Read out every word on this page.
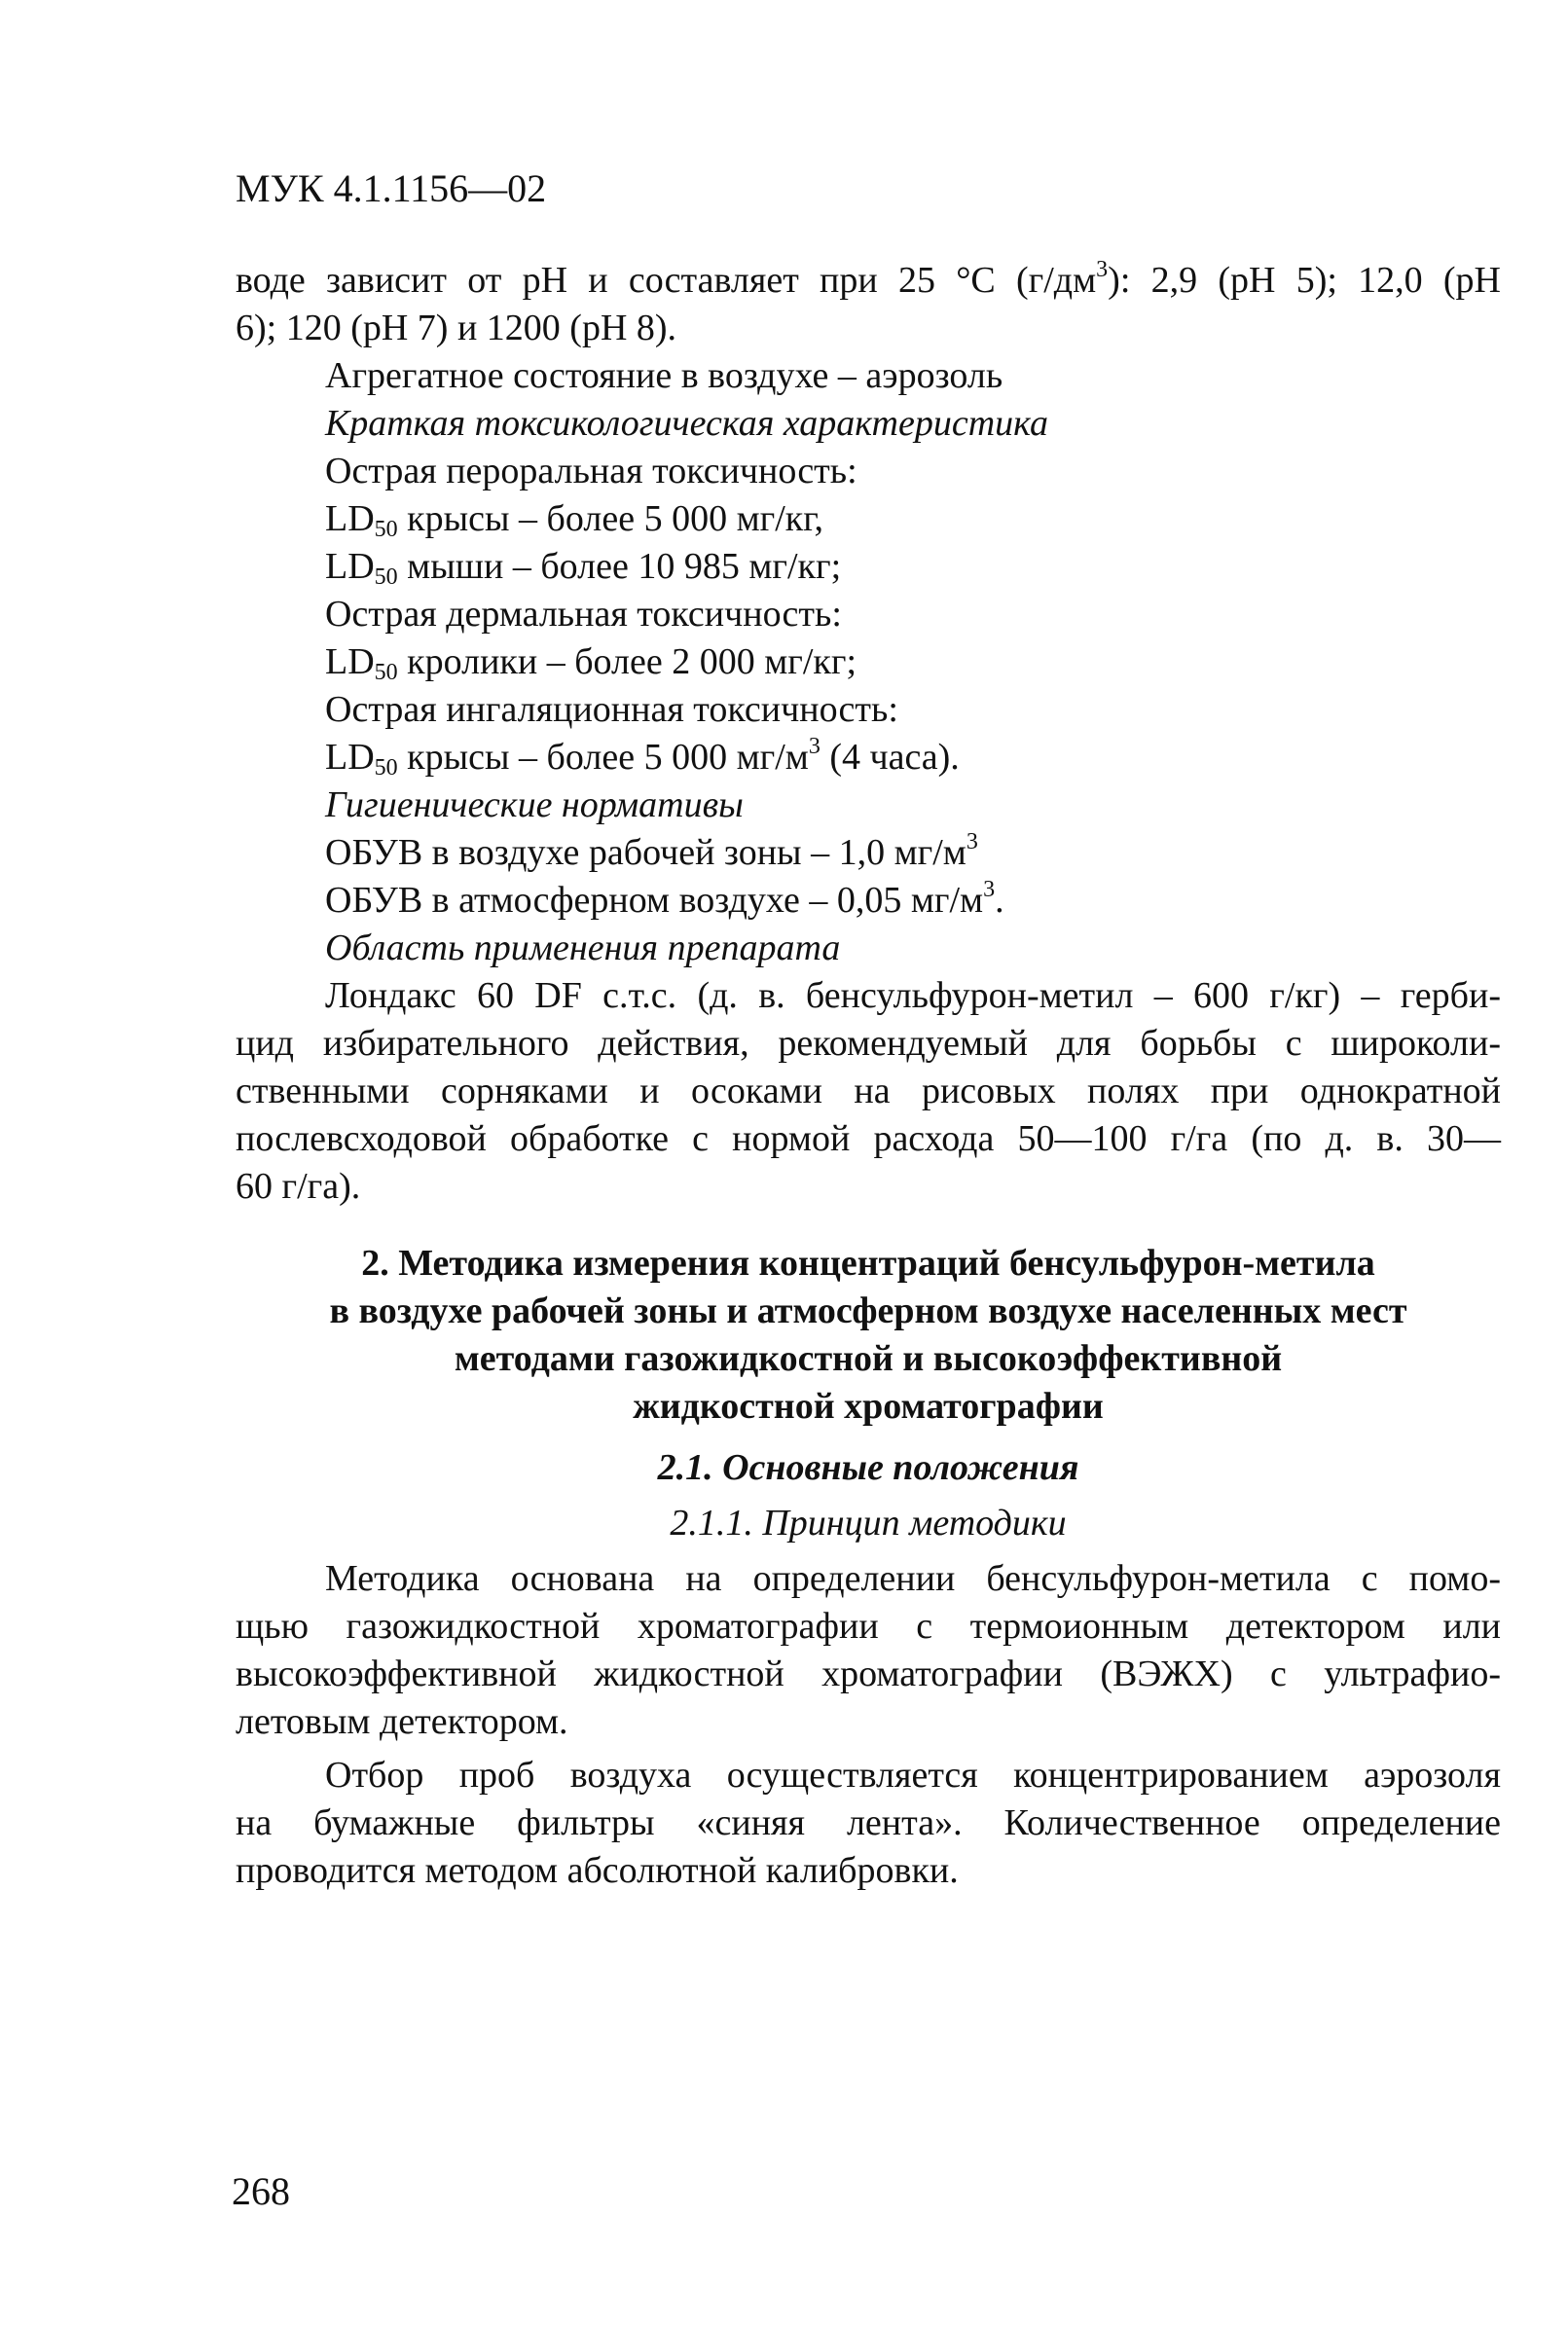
МУК 4.1.1156—02
воде зависит от pH и составляет при 25 °C $(г/дм^3)$: 2,9 (pH 5); 12,0 (pH
6); 120 (pH 7) и 1200 (pH 8).
Агрегатное состояние в воздухе – аэрозоль
Краткая токсикологическая характеристика
Острая пероральная токсичность:
$LD_{50}$ крысы – более 5 000 мг/кг,
$LD_{50}$ мыши – более 10 985 мг/кг;
Острая дермальная токсичность:
$LD_{50}$ кролики – более 2 000 мг/кг;
Острая ингаляционная токсичность:
$LD_{50}$ крысы – более 5 000 $мг/м^3$ (4 часа).
Гигиенические нормативы
ОБУВ в воздухе рабочей зоны – 1,0 $мг/м^3$
ОБУВ в атмосферном воздухе – 0,05 $мг/м^3$.
Область применения препарата
Лондакс 60 DF с.т.с. (д. в. бенсульфурон-метил – 600 г/кг) – герби-
цид избирательного действия, рекомендуемый для борьбы с широколи-
ственными сорняками и осоками на рисовых полях при однократной
послевсходовой обработке с нормой расхода 50—100 г/га (по д. в. 30—
60 г/га).
2. Методика измерения концентраций бенсульфурон-метила
в воздухе рабочей зоны и атмосферном воздухе населенных мест
методами газожидкостной и высокоэффективной
жидкостной хроматографии
2.1. Основные положения
2.1.1. Принцип методики
Методика основана на определении бенсульфурон-метила с помо-
щью газожидкостной хроматографии с термоионным детектором или
высокоэффективной жидкостной хроматографии (ВЭЖХ) с ультрафио-
летовым детектором.
Отбор проб воздуха осуществляется концентрированием аэрозоля
на бумажные фильтры «синяя лента». Количественное определение
проводится методом абсолютной калибровки.
268
